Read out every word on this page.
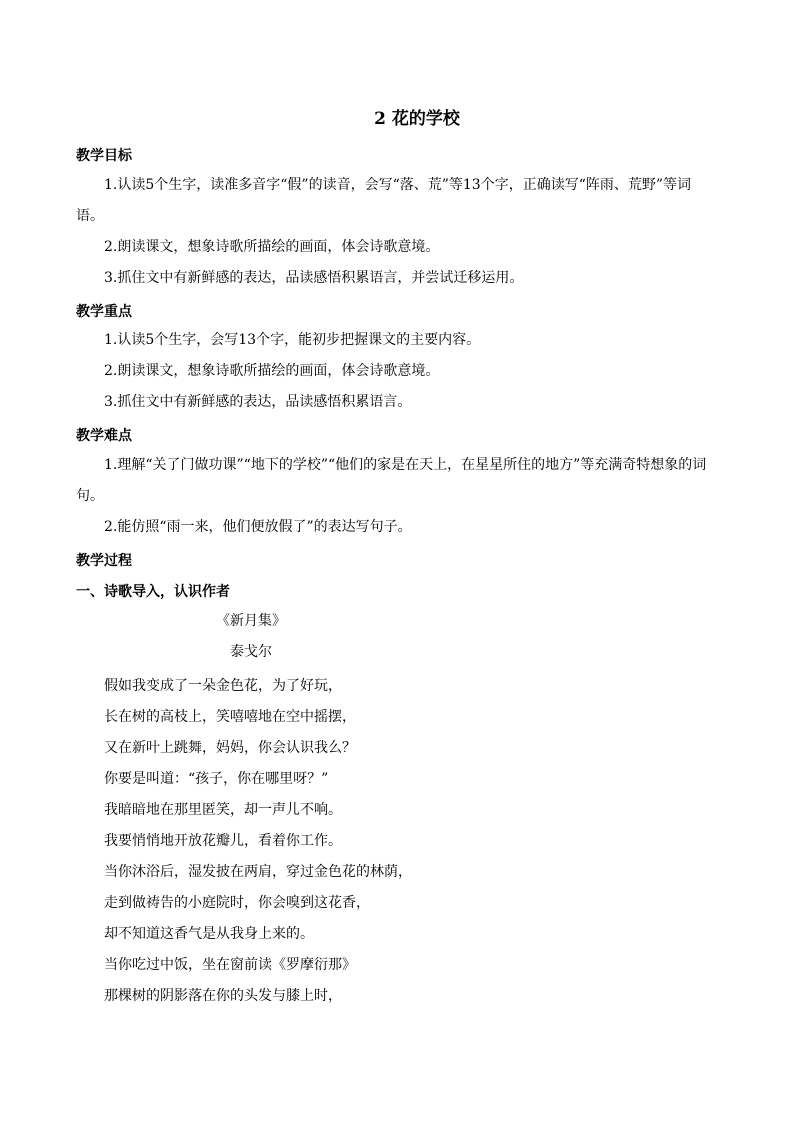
2 花的学校
教学目标
1.认读5个生字，读准多音字“假”的读音，会写“落、荒”等13个字，正确读写“阵雨、荒野”等词语。
2.朗读课文，想象诗歌所描绘的画面，体会诗歌意境。
3.抓住文中有新鲜感的表达，品读感悟积累语言，并尝试迁移运用。
教学重点
1.认读5个生字，会写13个字，能初步把握课文的主要内容。
2.朗读课文，想象诗歌所描绘的画面，体会诗歌意境。
3.抓住文中有新鲜感的表达，品读感悟积累语言。
教学难点
1.理解“关了门做功课”“地下的学校”“他们的家是在天上，在星星所住的地方”等充满奇特想象的词句。
2.能仿照“雨一来，他们便放假了”的表达写句子。
教学过程
一、诗歌导入，认识作者
《新月集》
泰戈尔
假如我变成了一朵金色花，为了好玩，
长在树的高枝上，笑嘻嘻地在空中摇摆，
又在新叶上跳舞，妈妈，你会认识我么？
你要是叫道：“孩子，你在哪里呀？”
我暗暗地在那里匿笑，却一声儿不响。
我要悄悄地开放花瓣儿，看着你工作。
当你沐浴后，湿发披在两肩，穿过金色花的林荫，
走到做祷告的小庭院时，你会嗅到这花香，
却不知道这香气是从我身上来的。
当你吃过中饭，坐在窗前读《罗摩衍那》
那棵树的阴影落在你的头发与膝上时，
